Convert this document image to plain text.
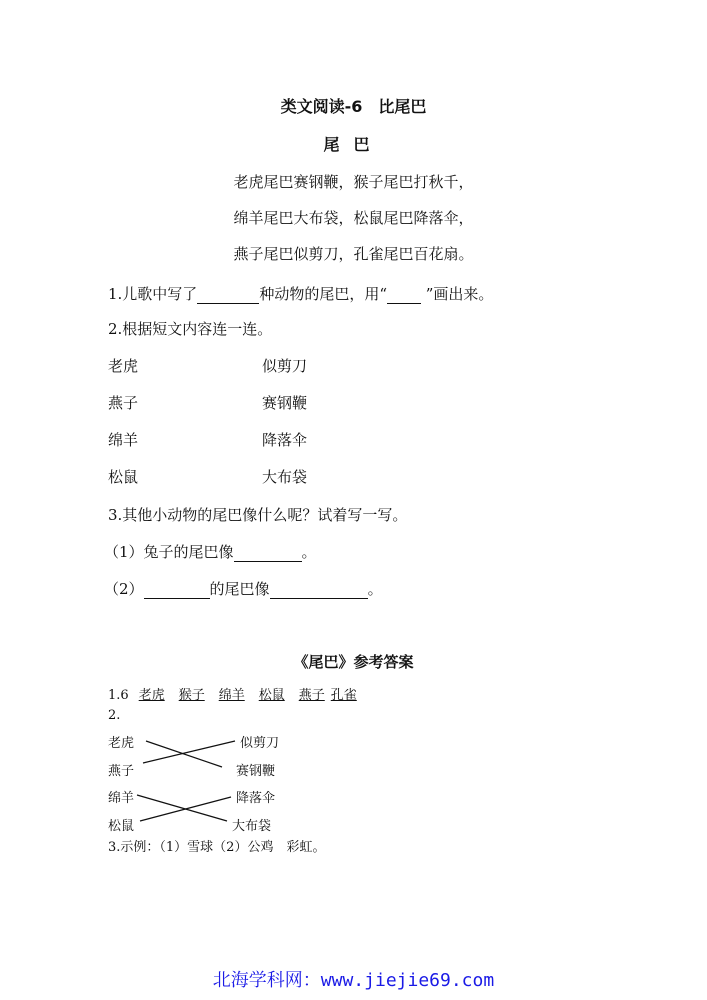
类文阅读-6　比尾巴
尾巴
老虎尾巴赛钢鞭，猴子尾巴打秋千，
绵羊尾巴大布袋，松鼠尾巴降落伞，
燕子尾巴似剪刀，孔雀尾巴百花扇。
1.儿歌中写了	种动物的尾巴，用“	”画出来。
2.根据短文内容连一连。
老虎
燕子
绵羊
松鼠
似剪刀
赛钢鞭
降落伞
大布袋
3.其他小动物的尾巴像什么呢？试着写一写。
（1）兔子的尾巴像	。
（2）	的尾巴像	。
《尾巴》参考答案
1.6 老虎 猴子 绵羊 松鼠 燕子 孔雀
2.
老虎
燕子
绵羊
松鼠
似剪刀
赛钢鞭
降落伞
大布袋
3.示例：（1）雪球（2）公鸡　彩虹。
北海学科网：www.jiejie69.com
